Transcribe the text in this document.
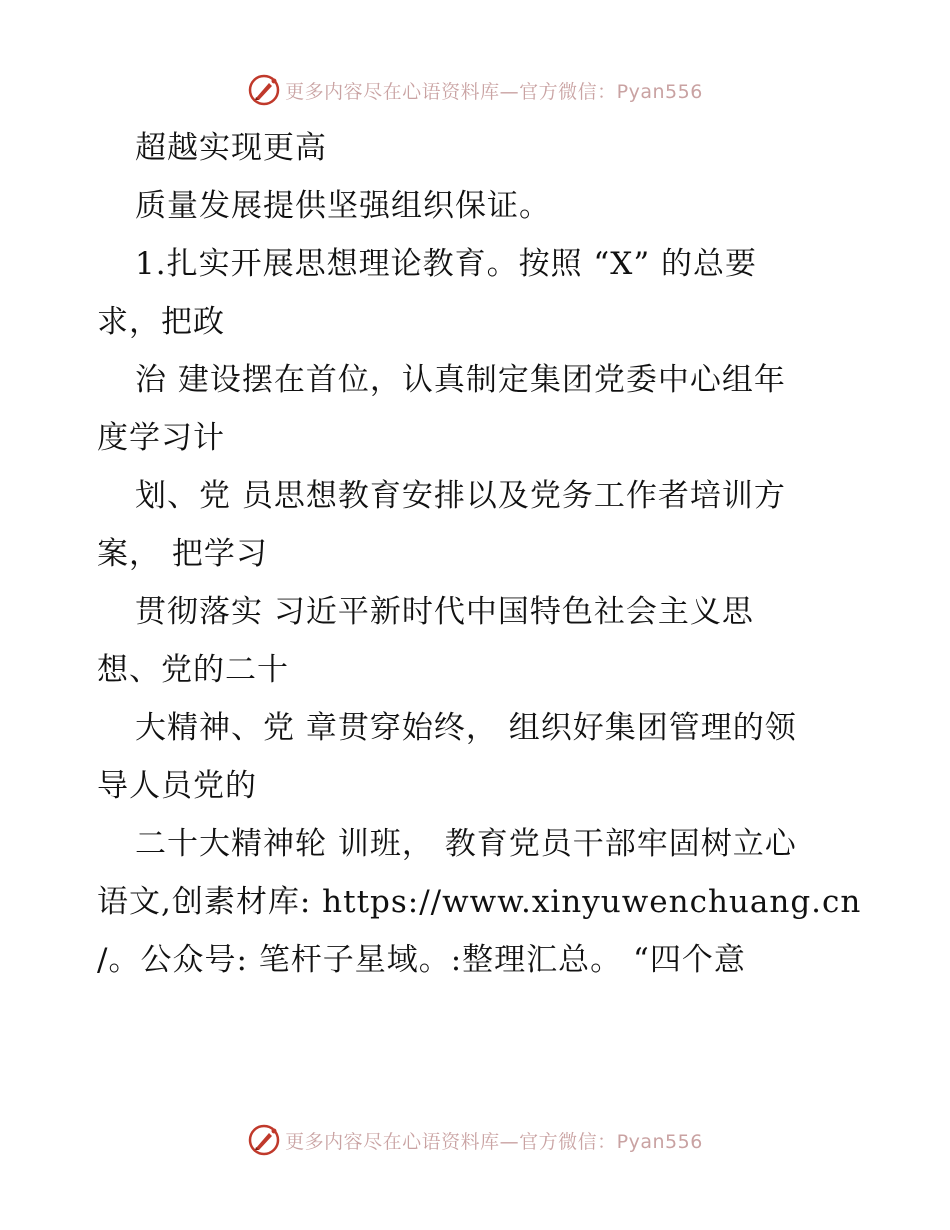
更多内容尽在心语资料库—官方微信：Pyan556
超越实现更高
质量发展提供坚强组织保证。
1.扎实开展思想理论教育。按照 “X” 的总要
求，把政
治 建设摆在首位，认真制定集团党委中心组年
度学习计
划、党 员思想教育安排以及党务工作者培训方
案， 把学习
贯彻落实 习近平新时代中国特色社会主义思
想、党的二十
大精神、党 章贯穿始终， 组织好集团管理的领
导人员党的
二十大精神轮 训班， 教育党员干部牢固树立心
语文,创素材库: https://www.xinyuwenchuang.cn
/。公众号: 笔杆子星域。:整理汇总。 “四个意
更多内容尽在心语资料库—官方微信：Pyan556
